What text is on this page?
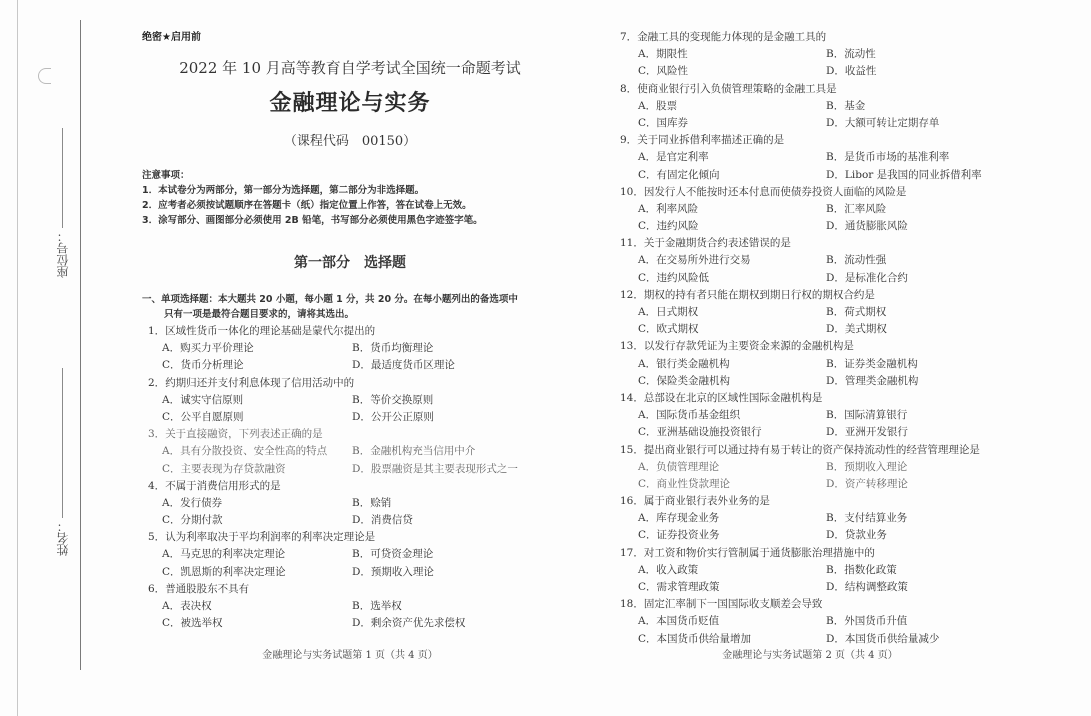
座位号：
姓名：
绝密★启用前
2022 年 10 月高等教育自学考试全国统一命题考试
金融理论与实务
（课程代码　00150）
注意事项：
1．本试卷分为两部分，第一部分为选择题，第二部分为非选择题。
2．应考者必须按试题顺序在答题卡（纸）指定位置上作答，答在试卷上无效。
3．涂写部分、画图部分必须使用 2B 铅笔，书写部分必须使用黑色字迹签字笔。
第一部分　选择题
一、单项选择题：本大题共 20 小题，每小题 1 分，共 20 分。在每小题列出的备选项中
只有一项是最符合题目要求的，请将其选出。
1．区域性货币一体化的理论基础是蒙代尔提出的
A．购买力平价理论	B．货币均衡理论
C．货币分析理论	D．最适度货币区理论
2．约期归还并支付利息体现了信用活动中的
A．诚实守信原则	B．等价交换原则
C．公平自愿原则	D．公开公正原则
3．关于直接融资，下列表述正确的是
A．具有分散投资、安全性高的特点	B．金融机构充当信用中介
C．主要表现为存贷款融资	D．股票融资是其主要表现形式之一
4．不属于消费信用形式的是
A．发行债券	B．赊销
C．分期付款	D．消费信贷
5．认为利率取决于平均利润率的利率决定理论是
A．马克思的利率决定理论	B．可贷资金理论
C．凯恩斯的利率决定理论	D．预期收入理论
6．普通股股东不具有
A．表决权	B．选举权
C．被选举权	D．剩余资产优先求偿权
金融理论与实务试题第 1 页（共 4 页）
7．金融工具的变现能力体现的是金融工具的
A．期限性	B．流动性
C．风险性	D．收益性
8．使商业银行引入负债管理策略的金融工具是
A．股票	B．基金
C．国库券	D．大额可转让定期存单
9．关于同业拆借利率描述正确的是
A．是官定利率	B．是货币市场的基准利率
C．有固定化倾向	D．Libor 是我国的同业拆借利率
10．因发行人不能按时还本付息而使债券投资人面临的风险是
A．利率风险	B．汇率风险
C．违约风险	D．通货膨胀风险
11．关于金融期货合约表述错误的是
A．在交易所外进行交易	B．流动性强
C．违约风险低	D．是标准化合约
12．期权的持有者只能在期权到期日行权的期权合约是
A．日式期权	B．荷式期权
C．欧式期权	D．美式期权
13．以发行存款凭证为主要资金来源的金融机构是
A．银行类金融机构	B．证券类金融机构
C．保险类金融机构	D．管理类金融机构
14．总部设在北京的区域性国际金融机构是
A．国际货币基金组织	B．国际清算银行
C．亚洲基础设施投资银行	D．亚洲开发银行
15．提出商业银行可以通过持有易于转让的资产保持流动性的经营管理理论是
A．负债管理理论	B．预期收入理论
C．商业性贷款理论	D．资产转移理论
16．属于商业银行表外业务的是
A．库存现金业务	B．支付结算业务
C．证券投资业务	D．贷款业务
17．对工资和物价实行管制属于通货膨胀治理措施中的
A．收入政策	B．指数化政策
C．需求管理政策	D．结构调整政策
18．固定汇率制下一国国际收支顺差会导致
A．本国货币贬值	B．外国货币升值
C．本国货币供给量增加	D．本国货币供给量减少
金融理论与实务试题第 2 页（共 4 页）
